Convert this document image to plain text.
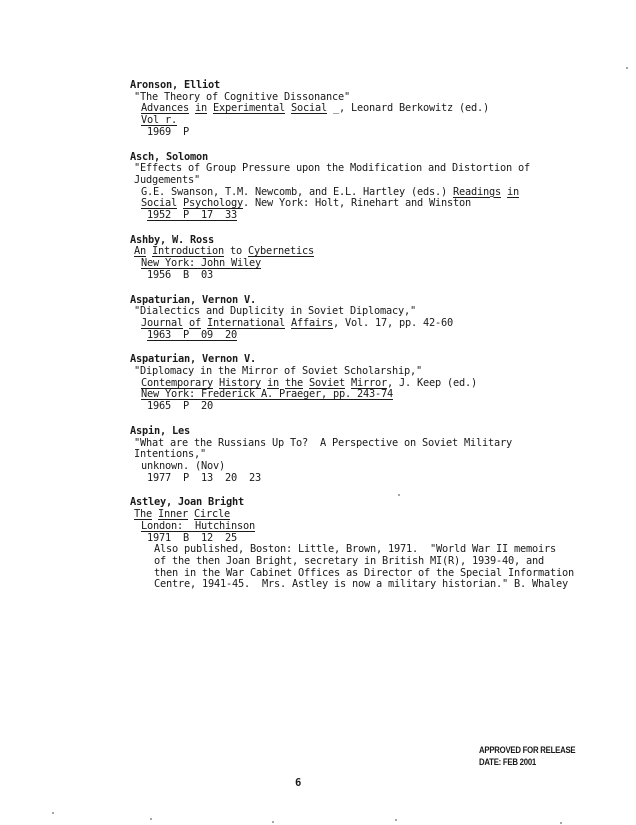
Aronson, Elliot
"The Theory of Cognitive Dissonance"
Advances in Experimental Social _, Leonard Berkowitz (ed.)
Vol r.
1969  P
Asch, Solomon
"Effects of Group Pressure upon the Modification and Distortion of
Judgements"
G.E. Swanson, T.M. Newcomb, and E.L. Hartley (eds.) Readings in
Social Psychology. New York: Holt, Rinehart and Winston
1952  P  17  33
Ashby, W. Ross
An Introduction to Cybernetics
New York: John Wiley
1956  B  03
Aspaturian, Vernon V.
"Dialectics and Duplicity in Soviet Diplomacy,"
Journal of International Affairs, Vol. 17, pp. 42-60
1963  P  09  20
Aspaturian, Vernon V.
"Diplomacy in the Mirror of Soviet Scholarship,"
Contemporary History in the Soviet Mirror, J. Keep (ed.)
New York: Frederick A. Praeger, pp. 243-74
1965  P  20
Aspin, Les
"What are the Russians Up To?  A Perspective on Soviet Military
Intentions,"
unknown. (Nov)
1977  P  13  20  23
Astley, Joan Bright
The Inner Circle
London:  Hutchinson
1971  B  12  25
Also published, Boston: Little, Brown, 1971.  "World War II memoirs
of the then Joan Bright, secretary in British MI(R), 1939-40, and
then in the War Cabinet Offices as Director of the Special Information
Centre, 1941-45.  Mrs. Astley is now a military historian." B. Whaley
APPROVED FOR RELEASE
DATE: FEB 2001
6
